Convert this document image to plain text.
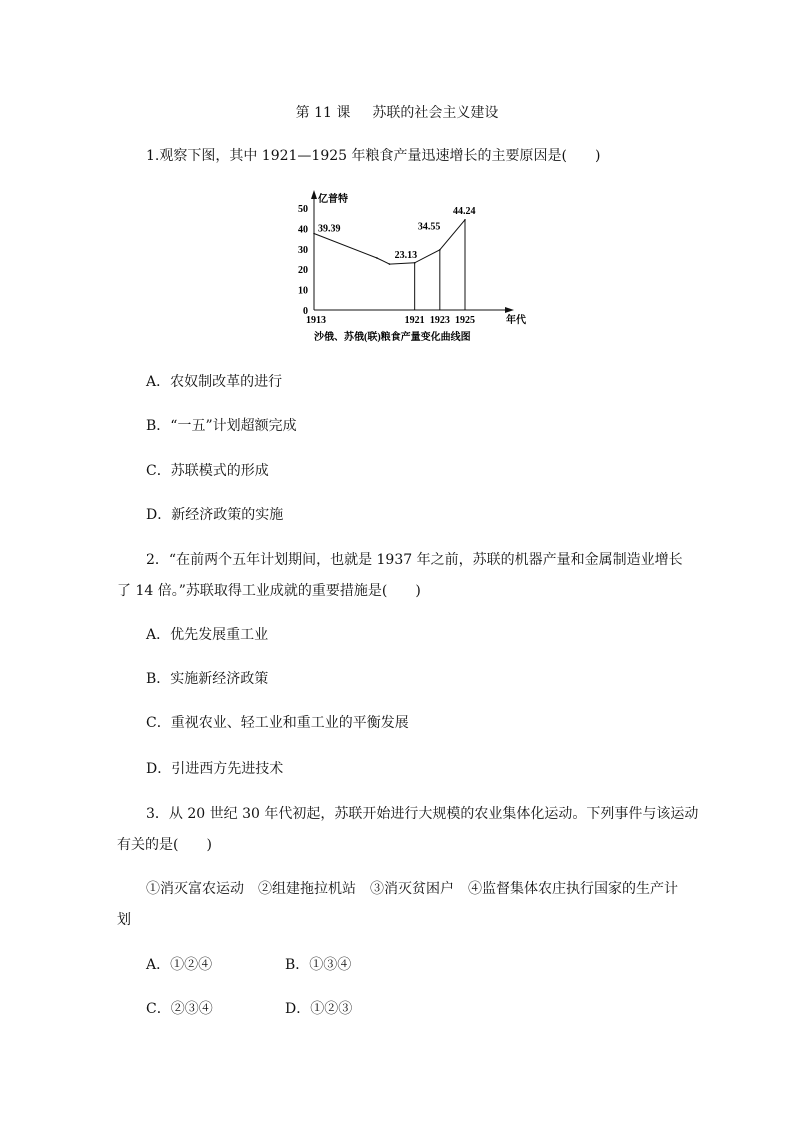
第 11 课 苏联的社会主义建设
1.观察下图，其中 1921—1925 年粮食产量迅速增长的主要原因是(　　)
亿普特
0
10
20
30
40
50
39.39
23.13
34.55
44.24
1913	1921 1923 1925	年代
沙俄、苏俄(联)粮食产量变化曲线图
A．农奴制改革的进行
B．“一五”计划超额完成
C．苏联模式的形成
D．新经济政策的实施
2．“在前两个五年计划期间，也就是 1937 年之前，苏联的机器产量和金属制造业增长
了 14 倍。”苏联取得工业成就的重要措施是(　　)
A．优先发展重工业
B．实施新经济政策
C．重视农业、轻工业和重工业的平衡发展
D．引进西方先进技术
3．从 20 世纪 30 年代初起，苏联开始进行大规模的农业集体化运动。下列事件与该运动
有关的是(　　)
①消灭富农运动　②组建拖拉机站　③消灭贫困户　④监督集体农庄执行国家的生产计
划
A．①②④	B．①③④
C．②③④	D．①②③
